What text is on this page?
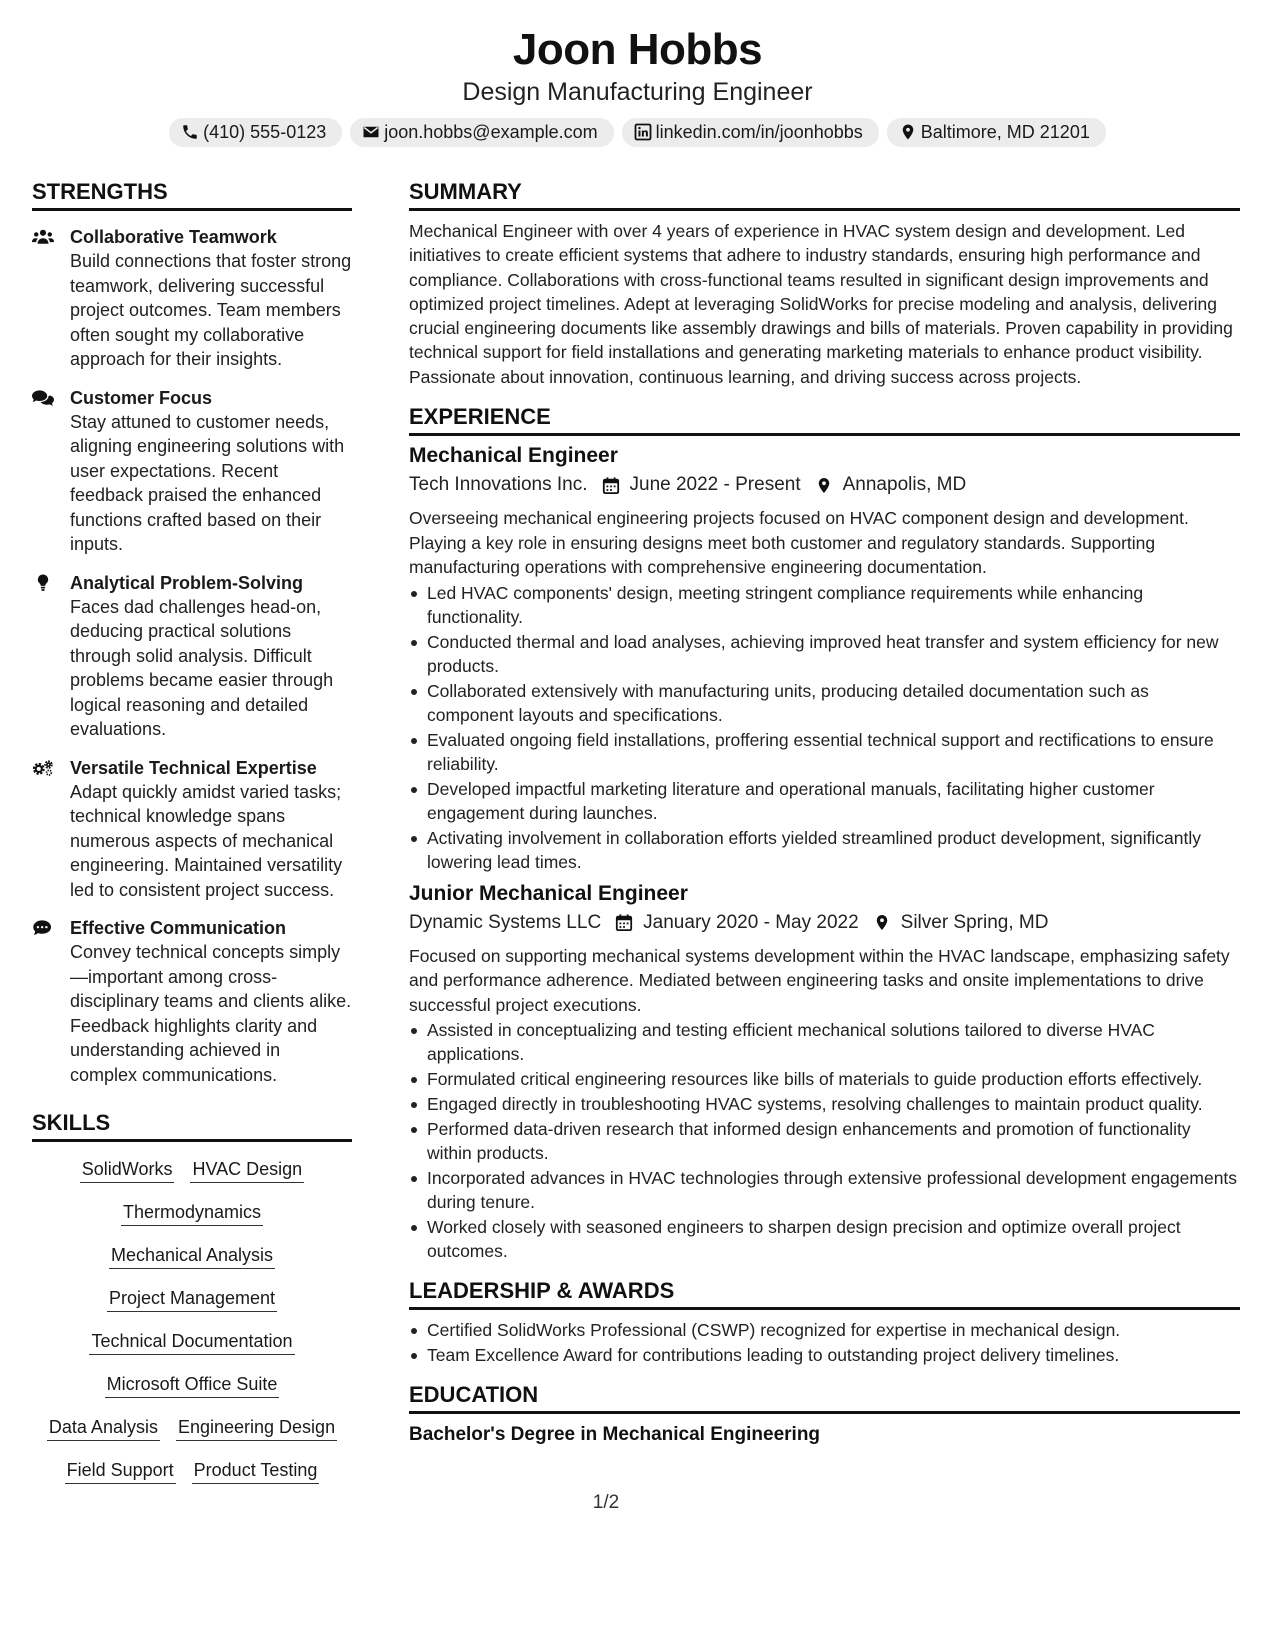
Joon Hobbs
Design Manufacturing Engineer
(410) 555-0123	joon.hobbs@example.com	linkedin.com/in/joonhobbs	Baltimore, MD 21201
STRENGTHS
Collaborative Teamwork
Build connections that foster strong teamwork, delivering successful project outcomes. Team members often sought my collaborative approach for their insights.
Customer Focus
Stay attuned to customer needs, aligning engineering solutions with user expectations. Recent feedback praised the enhanced functions crafted based on their inputs.
Analytical Problem-Solving
Faces dad challenges head-on, deducing practical solutions through solid analysis. Difficult problems became easier through logical reasoning and detailed evaluations.
Versatile Technical Expertise
Adapt quickly amidst varied tasks; technical knowledge spans numerous aspects of mechanical engineering. Maintained versatility led to consistent project success.
Effective Communication
Convey technical concepts simply—important among cross-disciplinary teams and clients alike. Feedback highlights clarity and understanding achieved in complex communications.
SKILLS
SolidWorks HVAC Design
Thermodynamics
Mechanical Analysis
Project Management
Technical Documentation
Microsoft Office Suite
Data Analysis Engineering Design
Field Support Product Testing
SUMMARY
Mechanical Engineer with over 4 years of experience in HVAC system design and development. Led initiatives to create efficient systems that adhere to industry standards, ensuring high performance and compliance. Collaborations with cross-functional teams resulted in significant design improvements and optimized project timelines. Adept at leveraging SolidWorks for precise modeling and analysis, delivering crucial engineering documents like assembly drawings and bills of materials. Proven capability in providing technical support for field installations and generating marketing materials to enhance product visibility. Passionate about innovation, continuous learning, and driving success across projects.
EXPERIENCE
Mechanical Engineer
Tech Innovations Inc. June 2022 - Present Annapolis, MD
Overseeing mechanical engineering projects focused on HVAC component design and development. Playing a key role in ensuring designs meet both customer and regulatory standards. Supporting manufacturing operations with comprehensive engineering documentation.
Led HVAC components' design, meeting stringent compliance requirements while enhancing functionality.
Conducted thermal and load analyses, achieving improved heat transfer and system efficiency for new products.
Collaborated extensively with manufacturing units, producing detailed documentation such as component layouts and specifications.
Evaluated ongoing field installations, proffering essential technical support and rectifications to ensure reliability.
Developed impactful marketing literature and operational manuals, facilitating higher customer engagement during launches.
Activating involvement in collaboration efforts yielded streamlined product development, significantly lowering lead times.
Junior Mechanical Engineer
Dynamic Systems LLC January 2020 - May 2022 Silver Spring, MD
Focused on supporting mechanical systems development within the HVAC landscape, emphasizing safety and performance adherence. Mediated between engineering tasks and onsite implementations to drive successful project executions.
Assisted in conceptualizing and testing efficient mechanical solutions tailored to diverse HVAC applications.
Formulated critical engineering resources like bills of materials to guide production efforts effectively.
Engaged directly in troubleshooting HVAC systems, resolving challenges to maintain product quality.
Performed data-driven research that informed design enhancements and promotion of functionality within products.
Incorporated advances in HVAC technologies through extensive professional development engagements during tenure.
Worked closely with seasoned engineers to sharpen design precision and optimize overall project outcomes.
LEADERSHIP & AWARDS
Certified SolidWorks Professional (CSWP) recognized for expertise in mechanical design.
Team Excellence Award for contributions leading to outstanding project delivery timelines.
EDUCATION
Bachelor's Degree in Mechanical Engineering
1/2
